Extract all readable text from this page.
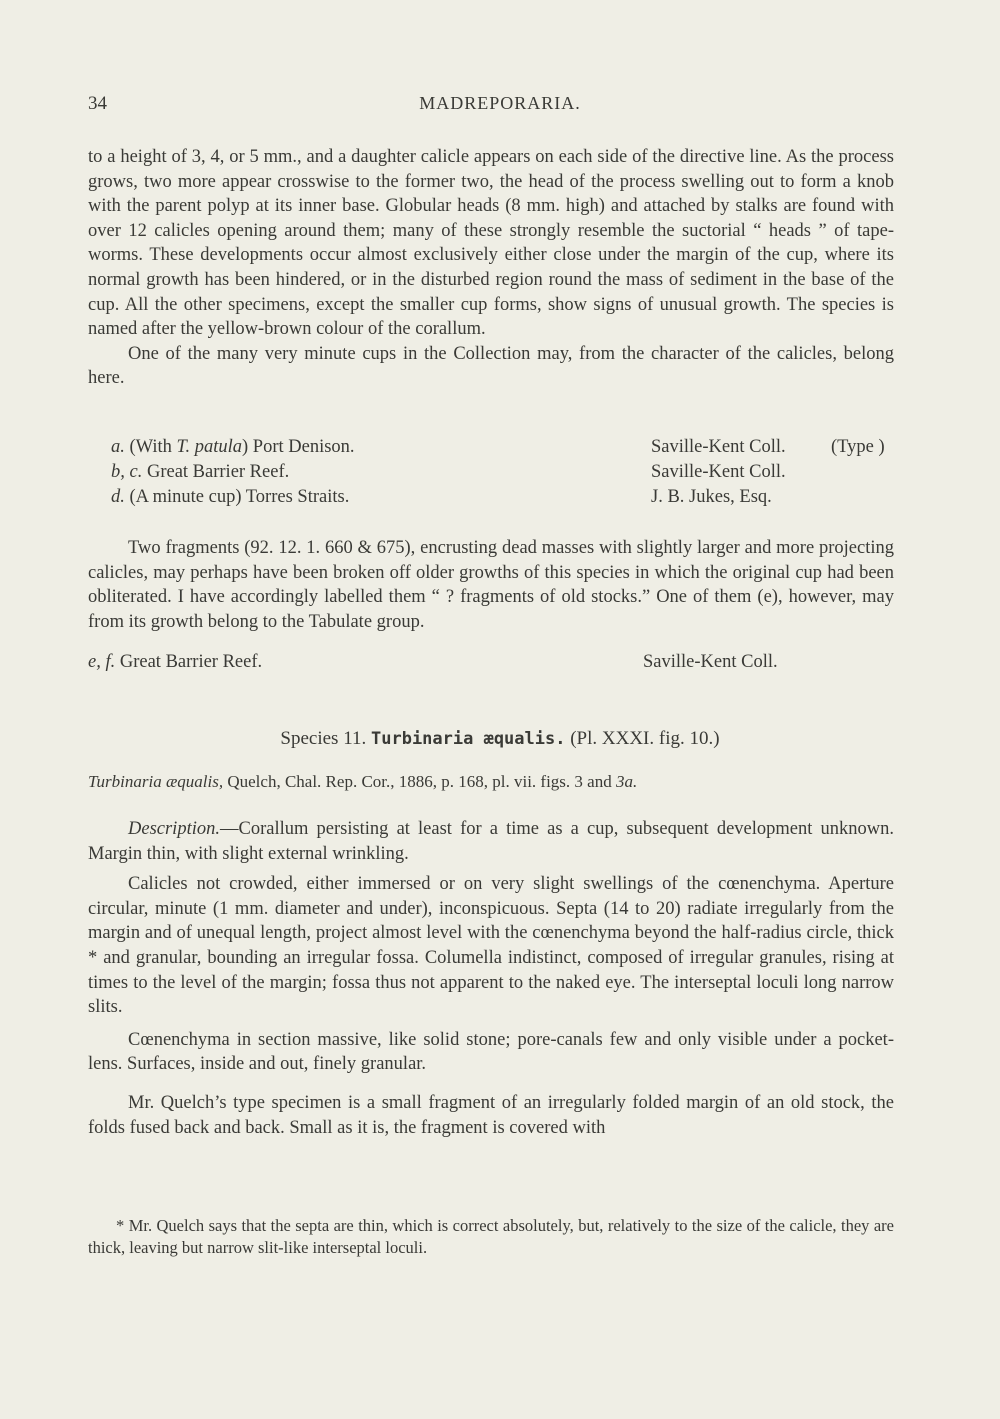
34	MADREPORARIA.

to a height of 3, 4, or 5 mm., and a daughter calicle appears on each side of the directive line. As the process grows, two more appear crosswise to the former two, the head of the process swelling out to form a knob with the parent polyp at its inner base. Globular heads (8 mm. high) and attached by stalks are found with over 12 calicles opening around them; many of these strongly resemble the suctorial “ heads ” of tape-worms. These developments occur almost exclusively either close under the margin of the cup, where its normal growth has been hindered, or in the disturbed region round the mass of sediment in the base of the cup. All the other specimens, except the smaller cup forms, show signs of unusual growth. The species is named after the yellow-brown colour of the corallum.

One of the many very minute cups in the Collection may, from the character of the calicles, belong here.

a. (With T. patula) Port Denison.	Saville-Kent Coll. (Type )
b, c. Great Barrier Reef.	Saville-Kent Coll.
d. (A minute cup) Torres Straits.	J. B. Jukes, Esq.

Two fragments (92. 12. 1. 660 & 675), encrusting dead masses with slightly larger and more projecting calicles, may perhaps have been broken off older growths of this species in which the original cup had been obliterated. I have accordingly labelled them “ ? fragments of old stocks.” One of them (e), however, may from its growth belong to the Tabulate group.

e, f. Great Barrier Reef.	Saville-Kent Coll.
Species 11. Turbinaria æqualis. (Pl. XXXI. fig. 10.)
Turbinaria æqualis, Quelch, Chal. Rep. Cor., 1886, p. 168, pl. vii. figs. 3 and 3a.

Description.—Corallum persisting at least for a time as a cup, subsequent development unknown. Margin thin, with slight external wrinkling.

Calicles not crowded, either immersed or on very slight swellings of the cœnenchyma. Aperture circular, minute (1 mm. diameter and under), inconspicuous. Septa (14 to 20) radiate irregularly from the margin and of unequal length, project almost level with the cœnenchyma beyond the half-radius circle, thick * and granular, bounding an irregular fossa. Columella indistinct, composed of irregular granules, rising at times to the level of the margin; fossa thus not apparent to the naked eye. The interseptal loculi long narrow slits.

Cœnenchyma in section massive, like solid stone; pore-canals few and only visible under a pocket-lens. Surfaces, inside and out, finely granular.

Mr. Quelch’s type specimen is a small fragment of an irregularly folded margin of an old stock, the folds fused back and back. Small as it is, the fragment is covered with

* Mr. Quelch says that the septa are thin, which is correct absolutely, but, relatively to the size of the calicle, they are thick, leaving but narrow slit-like interseptal loculi.
